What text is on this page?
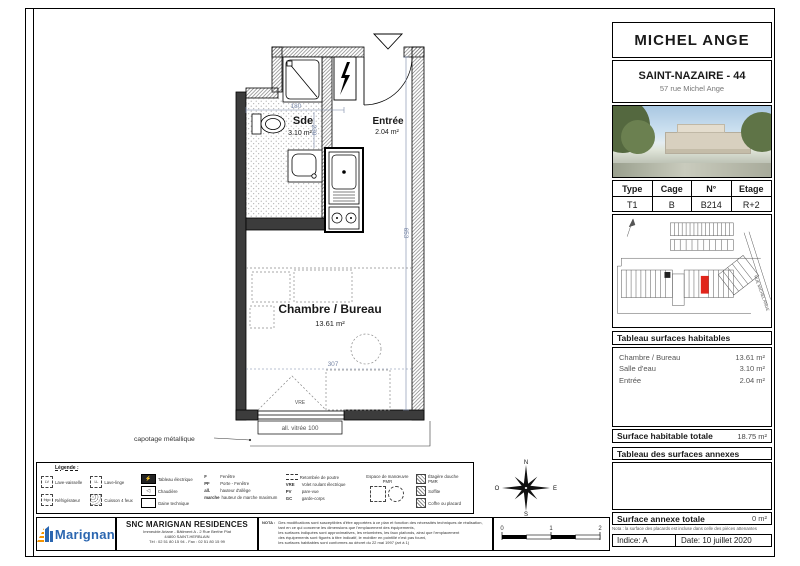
VRE
180
230
653
307
Sde
3.10 m²
Entrée
2.04 m²
Chambre / Bureau
13.61 m²
all. vitrée 100
capotage métallique
MICHEL ANGE
SAINT-NAZAIRE - 44
57 rue Michel Ange
Type	Cage	N°	Etage
T1	B	B214	R+2
RUE MICHEL ANGE
Tableau surfaces habitables
Chambre / Bureau	13.61 m²
Salle d'eau	3.10 m²
Entrée	2.04 m²
Surface habitable totale	18.75 m²
Tableau des surfaces annexes
Surface annexe totale	0 m²
Nota : la surface des placards est incluse dans celle des pièces attenantes
Indice: A	Date: 10 juillet 2020
Légende :
LV	Lave-vaisselle	LL	Lave-linge
frigo	Réfrigérateur	Cuisson 4 feux
⚡	Tableau électrique
◁	Chaudière
Gaine technique
F	Fenêtre
PF	Porte - Fenêtre
all.	hauteur d'allège
marche hauteur de marche maximum
Retombée de poutre
VRE	Volet roulant électrique
PV	pare-vue
GC	garde-corps
Espace de manœuvre PMR
Étagère douche PMR
Soffite
Coffre ou placard
N
S
E
O
Marignan
SNC MARIGNAN RESIDENCES
Immeuble Ariane - Bâtiment A - 2 Rue Berthe Plat
44800 SAINT-HERBLAIN
Tél : 02 51 80 15 94 - Fax : 02 51 80 15 99
NOTA : Des modifications sont susceptibles d'être apportées à ce plan et fonction des nécessités techniques de réalisation,
tant en ce qui concerne les dimensions que l'emplacement des équipements,
les surfaces indiquées sont approximatives, les retombées, les faux plafonds, ainsi que l'emplacement
des équipements sont figurés à titre indicatif, le mobilier en pointillé n'est pas fourni,
les surfaces habitables sont conformes au décret du 22 mai 1997 (art à 1)
0	1	2
